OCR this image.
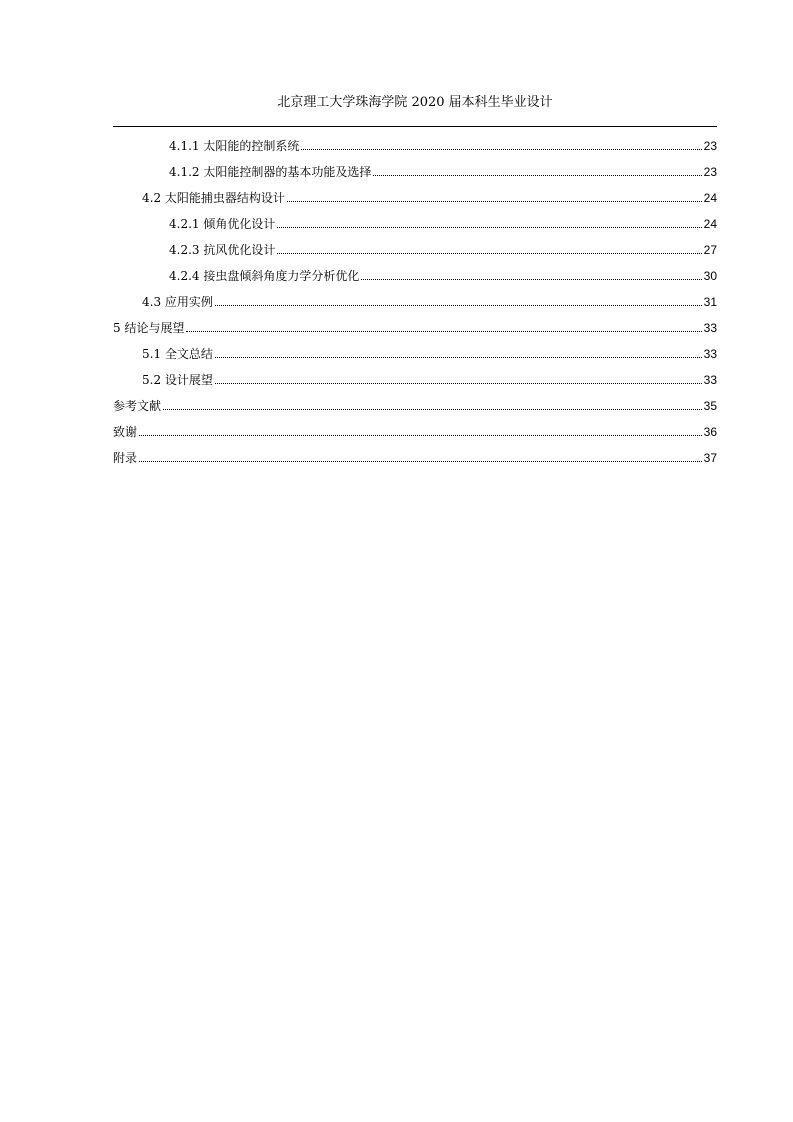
北京理工大学珠海学院 2020 届本科生毕业设计
4.1.1 太阳能的控制系统	23
4.1.2 太阳能控制器的基本功能及选择	23
4.2 太阳能捕虫器结构设计	24
4.2.1 倾角优化设计	24
4.2.3 抗风优化设计	27
4.2.4 接虫盘倾斜角度力学分析优化	30
4.3 应用实例	31
5 结论与展望	33
5.1 全文总结	33
5.2 设计展望	33
参考文献	35
致谢	36
附录	37
